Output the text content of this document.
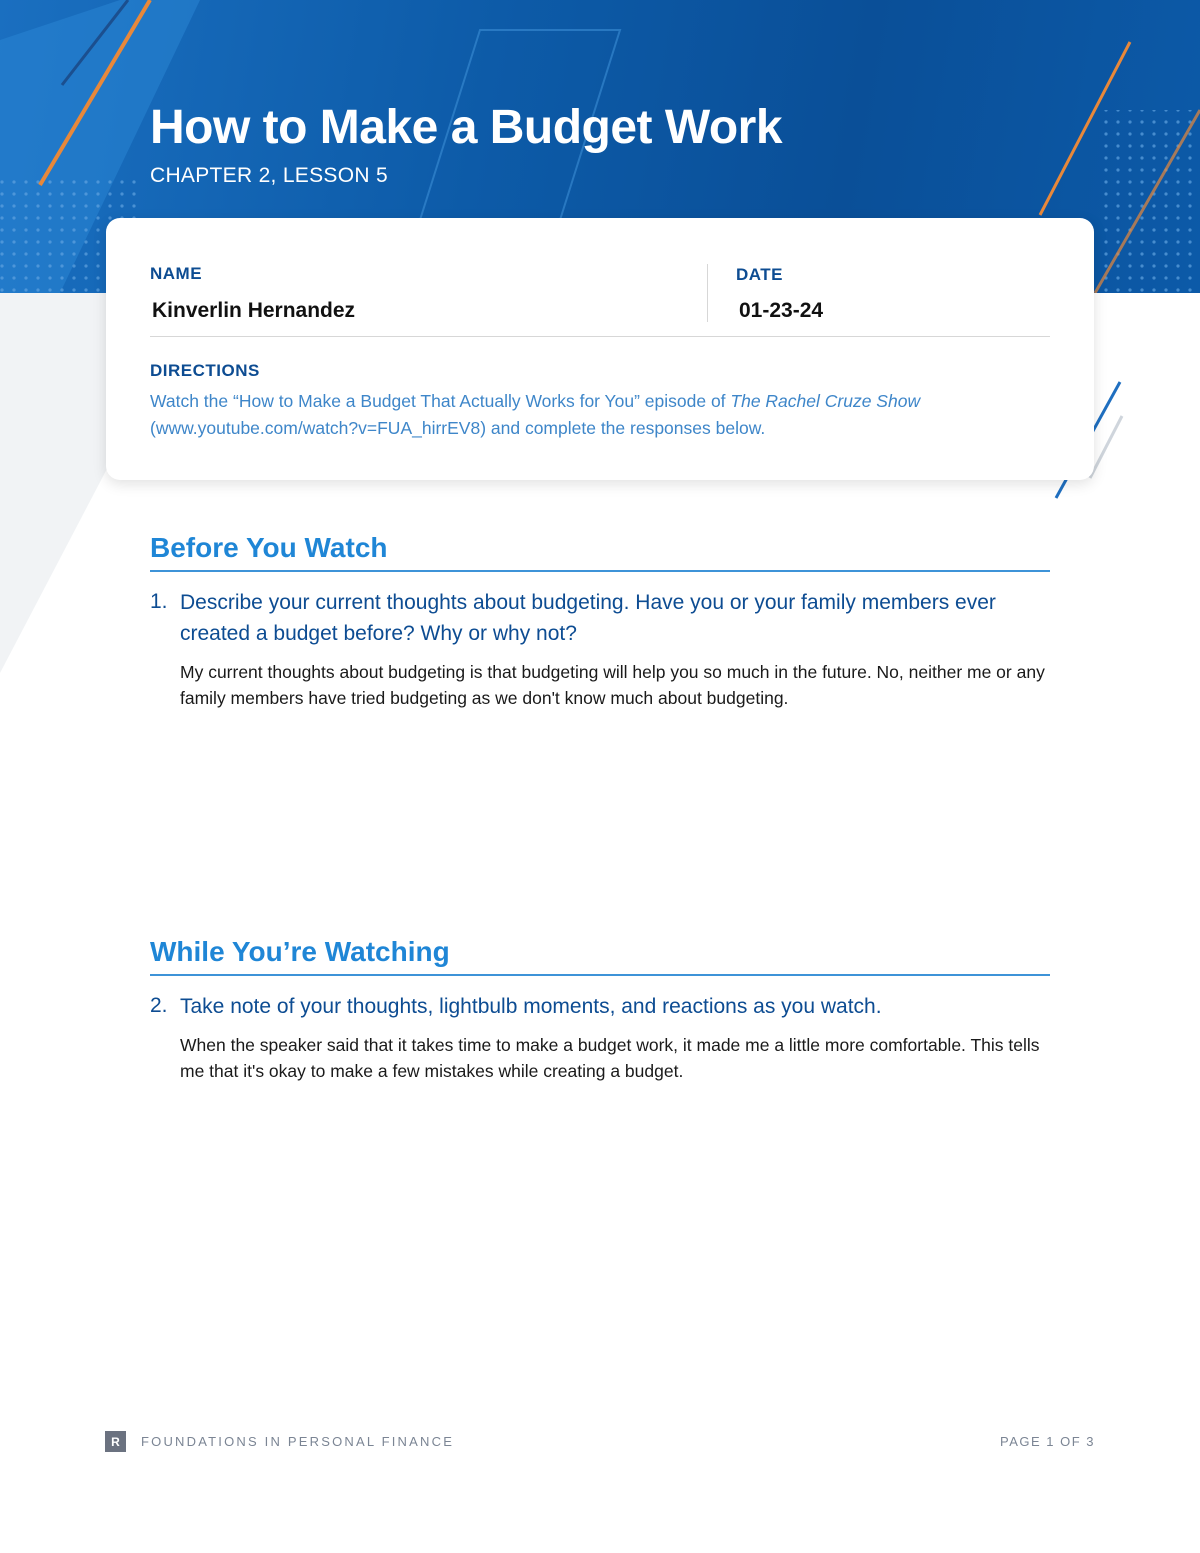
How to Make a Budget Work

CHAPTER 2, LESSON 5

NAME
Kinverlin Hernandez
DATE
01-23-24
DIRECTIONS

Watch the “How to Make a Budget That Actually Works for You” episode of The Rachel Cruze Show (www.youtube.com/watch?v=FUA_hirrEV8) and complete the responses below.

Before You Watch
1. Describe your current thoughts about budgeting. Have you or your family members ever created a budget before? Why or why not?

My current thoughts about budgeting is that budgeting will help you so much in the future. No, neither me or any family members have tried budgeting as we don't know much about budgeting.

While You’re Watching
2. Take note of your thoughts, lightbulb moments, and reactions as you watch.

When the speaker said that it takes time to make a budget work, it made me a little more comfortable. This tells me that it's okay to make a few mistakes while creating a budget.

R	FOUNDATIONS IN PERSONAL FINANCE	PAGE 1 OF 3
